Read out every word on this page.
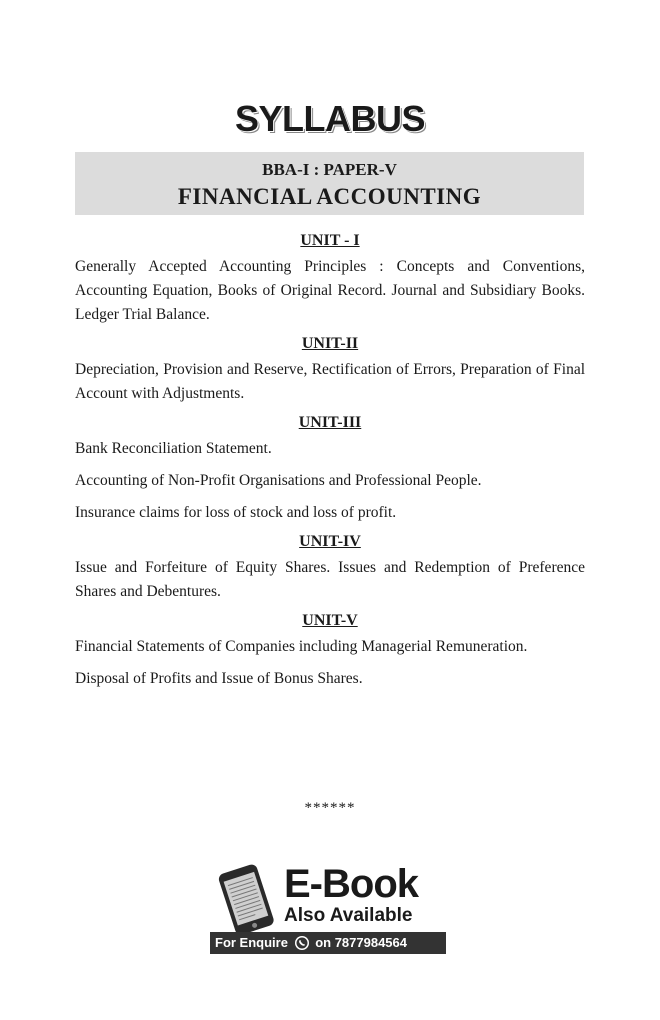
SYLLABUS
BBA-I : PAPER-V
FINANCIAL ACCOUNTING
UNIT - I

Generally Accepted Accounting Principles : Concepts and Conventions, Accounting Equation, Books of Original Record. Journal and Subsidiary Books. Ledger Trial Balance.

UNIT-II

Depreciation, Provision and Reserve, Rectification of Errors, Preparation of Final Account with Adjustments.

UNIT-III

Bank Reconciliation Statement.

Accounting of Non-Profit Organisations and Professional People.

Insurance claims for loss of stock and loss of profit.

UNIT-IV

Issue and Forfeiture of Equity Shares. Issues and Redemption of Preference Shares and Debentures.

UNIT-V

Financial Statements of Companies including Managerial Remuneration.

Disposal of Profits and Issue of Bonus Shares.

******
E-Book
Also Available
For Enquire on 7877984564
